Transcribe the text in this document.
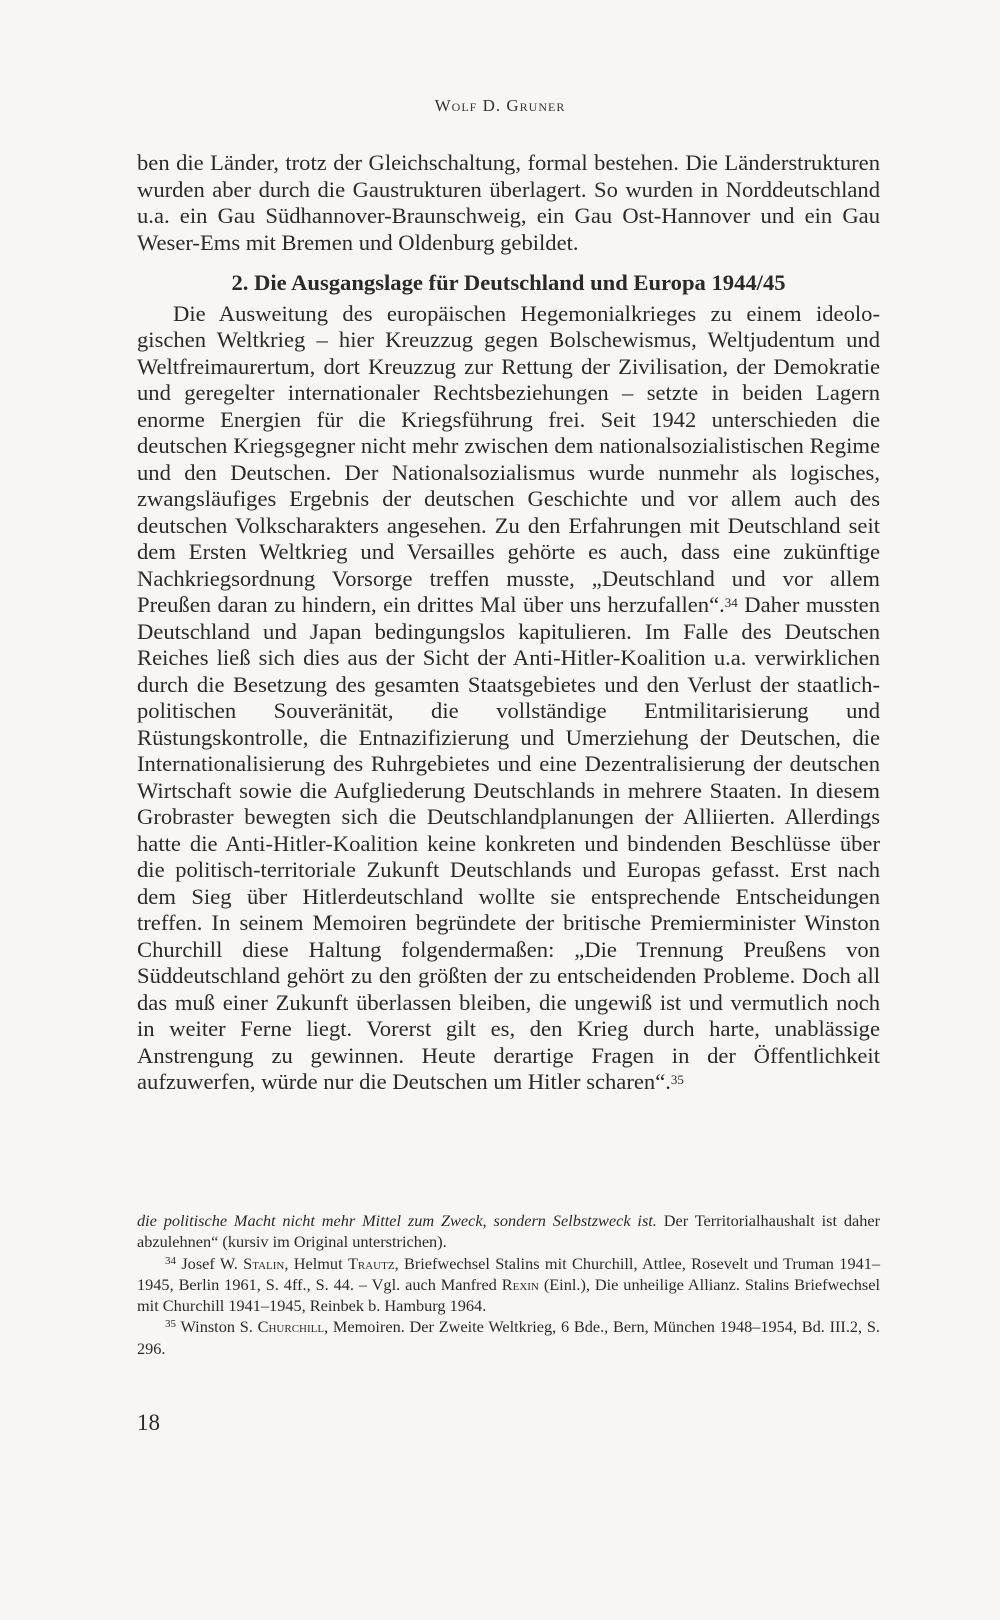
Wolf D. Gruner

ben die Länder, trotz der Gleichschaltung, formal bestehen. Die Länderstrukturen wurden aber durch die Gaustrukturen überlagert. So wurden in Norddeutschland u.a. ein Gau Südhannover-Braunschweig, ein Gau Ost-Hannover und ein Gau Weser-Ems mit Bremen und Oldenburg gebildet.

2. Die Ausgangslage für Deutschland und Europa 1944/45

Die Ausweitung des europäischen Hegemonialkrieges zu einem ideologischen Weltkrieg – hier Kreuzzug gegen Bolschewismus, Weltjudentum und Weltfreimaurertum, dort Kreuzzug zur Rettung der Zivilisation, der Demokratie und geregelter internationaler Rechtsbeziehungen – setzte in beiden Lagern enorme Energien für die Kriegsführung frei. Seit 1942 unterschieden die deutschen Kriegsgegner nicht mehr zwischen dem nationalsozialistischen Regime und den Deutschen. Der Nationalsozialismus wurde nunmehr als logisches, zwangsläufiges Ergebnis der deutschen Geschichte und vor allem auch des deutschen Volkscharakters angesehen. Zu den Erfahrungen mit Deutschland seit dem Ersten Weltkrieg und Versailles gehörte es auch, dass eine zukünftige Nachkriegsordnung Vorsorge treffen musste, „Deutschland und vor allem Preußen daran zu hindern, ein drittes Mal über uns herzufallen“.$^{34}$ Daher mussten Deutschland und Japan bedingungslos kapitulieren. Im Falle des Deutschen Reiches ließ sich dies aus der Sicht der Anti-Hitler-Koalition u.a. verwirklichen durch die Besetzung des gesamten Staatsgebietes und den Verlust der staatlich-politischen Souveränität, die vollständige Entmilitarisierung und Rüstungskontrolle, die Entnazifizierung und Umerziehung der Deutschen, die Internationalisierung des Ruhrgebietes und eine Dezentralisierung der deutschen Wirtschaft sowie die Aufgliederung Deutschlands in mehrere Staaten. In diesem Grobraster bewegten sich die Deutschlandplanungen der Alliierten. Allerdings hatte die Anti-Hitler-Koalition keine konkreten und bindenden Beschlüsse über die politisch-territoriale Zukunft Deutschlands und Europas gefasst. Erst nach dem Sieg über Hitlerdeutschland wollte sie entsprechende Entscheidungen treffen. In seinem Memoiren begründete der britische Premierminister Winston Churchill diese Haltung folgendermaßen: „Die Trennung Preußens von Süddeutschland gehört zu den größten der zu entscheidenden Probleme. Doch all das muß einer Zukunft überlassen bleiben, die ungewiß ist und vermutlich noch in weiter Ferne liegt. Vorerst gilt es, den Krieg durch harte, unablässige Anstrengung zu gewinnen. Heute derartige Fragen in der Öffentlichkeit aufzuwerfen, würde nur die Deutschen um Hitler scharen“.$^{35}$

die politische Macht nicht mehr Mittel zum Zweck, sondern Selbstzweck ist. Der Territorialhaushalt ist daher abzulehnen“ (kursiv im Original unterstrichen).

$^{34}$ Josef W. Stalin, Helmut Trautz, Briefwechsel Stalins mit Churchill, Attlee, Rosevelt und Truman 1941–1945, Berlin 1961, S. 4ff., S. 44. – Vgl. auch Manfred Rexin (Einl.), Die unheilige Allianz. Stalins Briefwechsel mit Churchill 1941–1945, Reinbek b. Hamburg 1964.

$^{35}$ Winston S. Churchill, Memoiren. Der Zweite Weltkrieg, 6 Bde., Bern, München 1948–1954, Bd. III.2, S. 296.

18
